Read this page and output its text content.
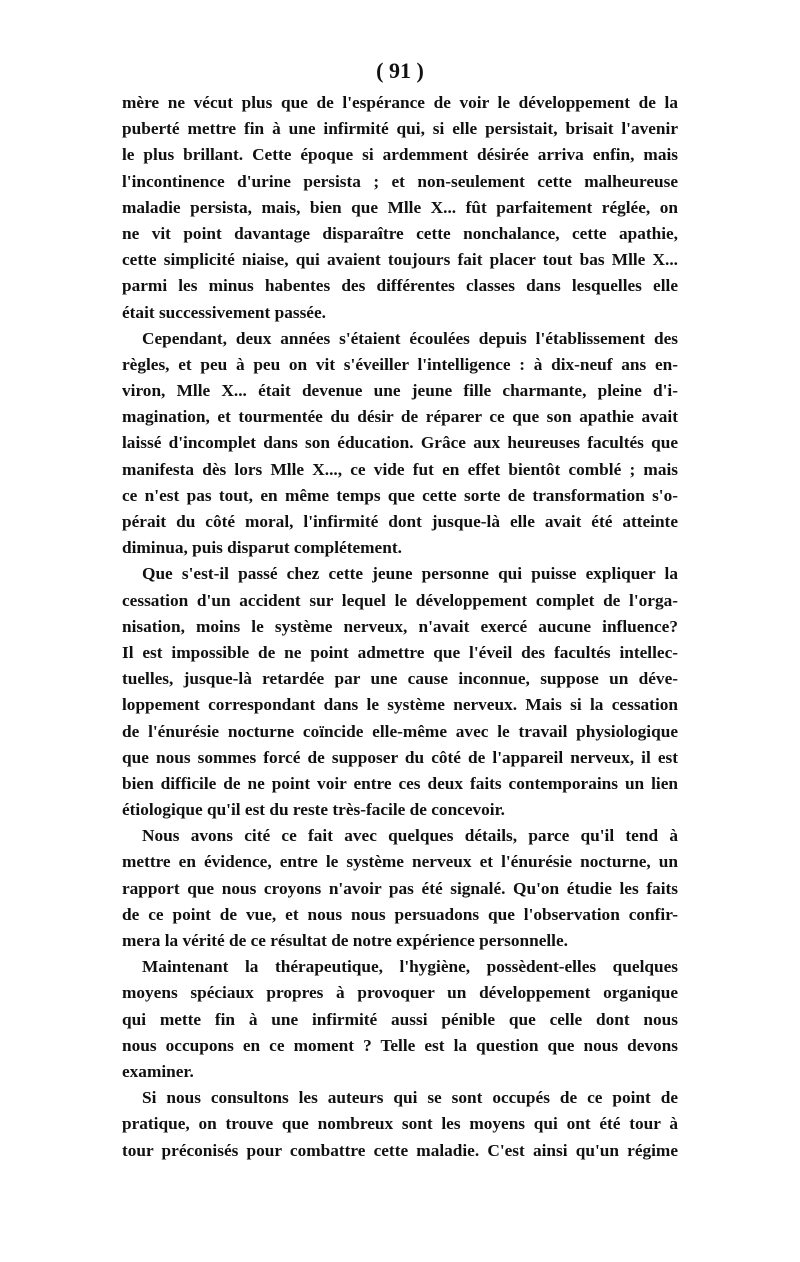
( 91 )
mère ne vécut plus que de l'espérance de voir le développement de la
puberté mettre fin à une infirmité qui, si elle persistait, brisait l'avenir
le plus brillant. Cette époque si ardemment désirée arriva enfin, mais
l'incontinence d'urine persista ; et non-seulement cette malheureuse
maladie persista, mais, bien que Mlle X... fût parfaitement réglée, on
ne vit point davantage disparaître cette nonchalance, cette apathie,
cette simplicité niaise, qui avaient toujours fait placer tout bas Mlle X...
parmi les minus habentes des différentes classes dans lesquelles elle
était successivement passée.
Cependant, deux années s'étaient écoulées depuis l'établissement des
règles, et peu à peu on vit s'éveiller l'intelligence : à dix-neuf ans en-
viron, Mlle X... était devenue une jeune fille charmante, pleine d'i-
magination, et tourmentée du désir de réparer ce que son apathie avait
laissé d'incomplet dans son éducation. Grâce aux heureuses facultés que
manifesta dès lors Mlle X..., ce vide fut en effet bientôt comblé ; mais
ce n'est pas tout, en même temps que cette sorte de transformation s'o-
pérait du côté moral, l'infirmité dont jusque-là elle avait été atteinte
diminua, puis disparut complétement.
Que s'est-il passé chez cette jeune personne qui puisse expliquer la
cessation d'un accident sur lequel le développement complet de l'orga-
nisation, moins le système nerveux, n'avait exercé aucune influence?
Il est impossible de ne point admettre que l'éveil des facultés intellec-
tuelles, jusque-là retardée par une cause inconnue, suppose un déve-
loppement correspondant dans le système nerveux. Mais si la cessation
de l'énurésie nocturne coïncide elle-même avec le travail physiologique
que nous sommes forcé de supposer du côté de l'appareil nerveux, il est
bien difficile de ne point voir entre ces deux faits contemporains un lien
étiologique qu'il est du reste très-facile de concevoir.
Nous avons cité ce fait avec quelques détails, parce qu'il tend à
mettre en évidence, entre le système nerveux et l'énurésie nocturne, un
rapport que nous croyons n'avoir pas été signalé. Qu'on étudie les faits
de ce point de vue, et nous nous persuadons que l'observation confir-
mera la vérité de ce résultat de notre expérience personnelle.
Maintenant la thérapeutique, l'hygiène, possèdent-elles quelques
moyens spéciaux propres à provoquer un développement organique
qui mette fin à une infirmité aussi pénible que celle dont nous
nous occupons en ce moment ? Telle est la question que nous devons
examiner.
Si nous consultons les auteurs qui se sont occupés de ce point de
pratique, on trouve que nombreux sont les moyens qui ont été tour à
tour préconisés pour combattre cette maladie. C'est ainsi qu'un régime
